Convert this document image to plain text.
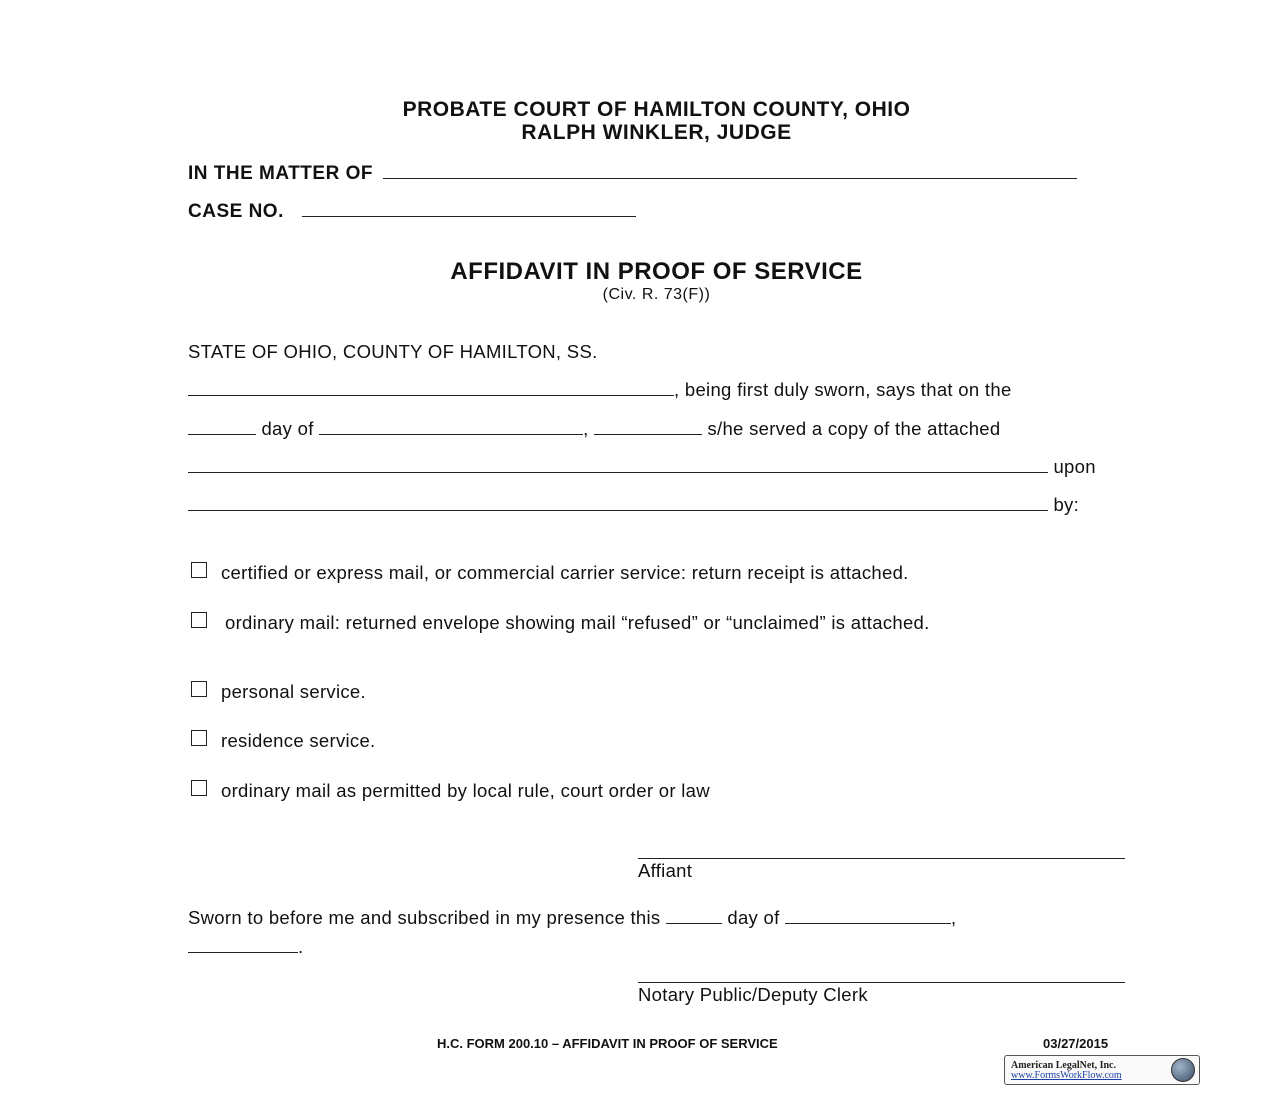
PROBATE COURT OF HAMILTON COUNTY, OHIO
RALPH WINKLER, JUDGE
IN THE MATTER OF
CASE NO.
AFFIDAVIT IN PROOF OF SERVICE
(Civ. R. 73(F))
STATE OF OHIO, COUNTY OF HAMILTON, SS.
, being first duly sworn, says that on the
day of	,	s/he served a copy of the attached
upon
by:
certified or express mail, or commercial carrier service: return receipt is attached.
ordinary mail: returned envelope showing mail “refused” or “unclaimed” is attached.
personal service.
residence service.
ordinary mail as permitted by local rule, court order or law
Affiant
Sworn to before me and subscribed in my presence this	day of	,
.
Notary Public/Deputy Clerk
H.C. FORM 200.10 – AFFIDAVIT IN PROOF OF SERVICE	03/27/2015
American LegalNet, Inc.
www.FormsWorkFlow.com
